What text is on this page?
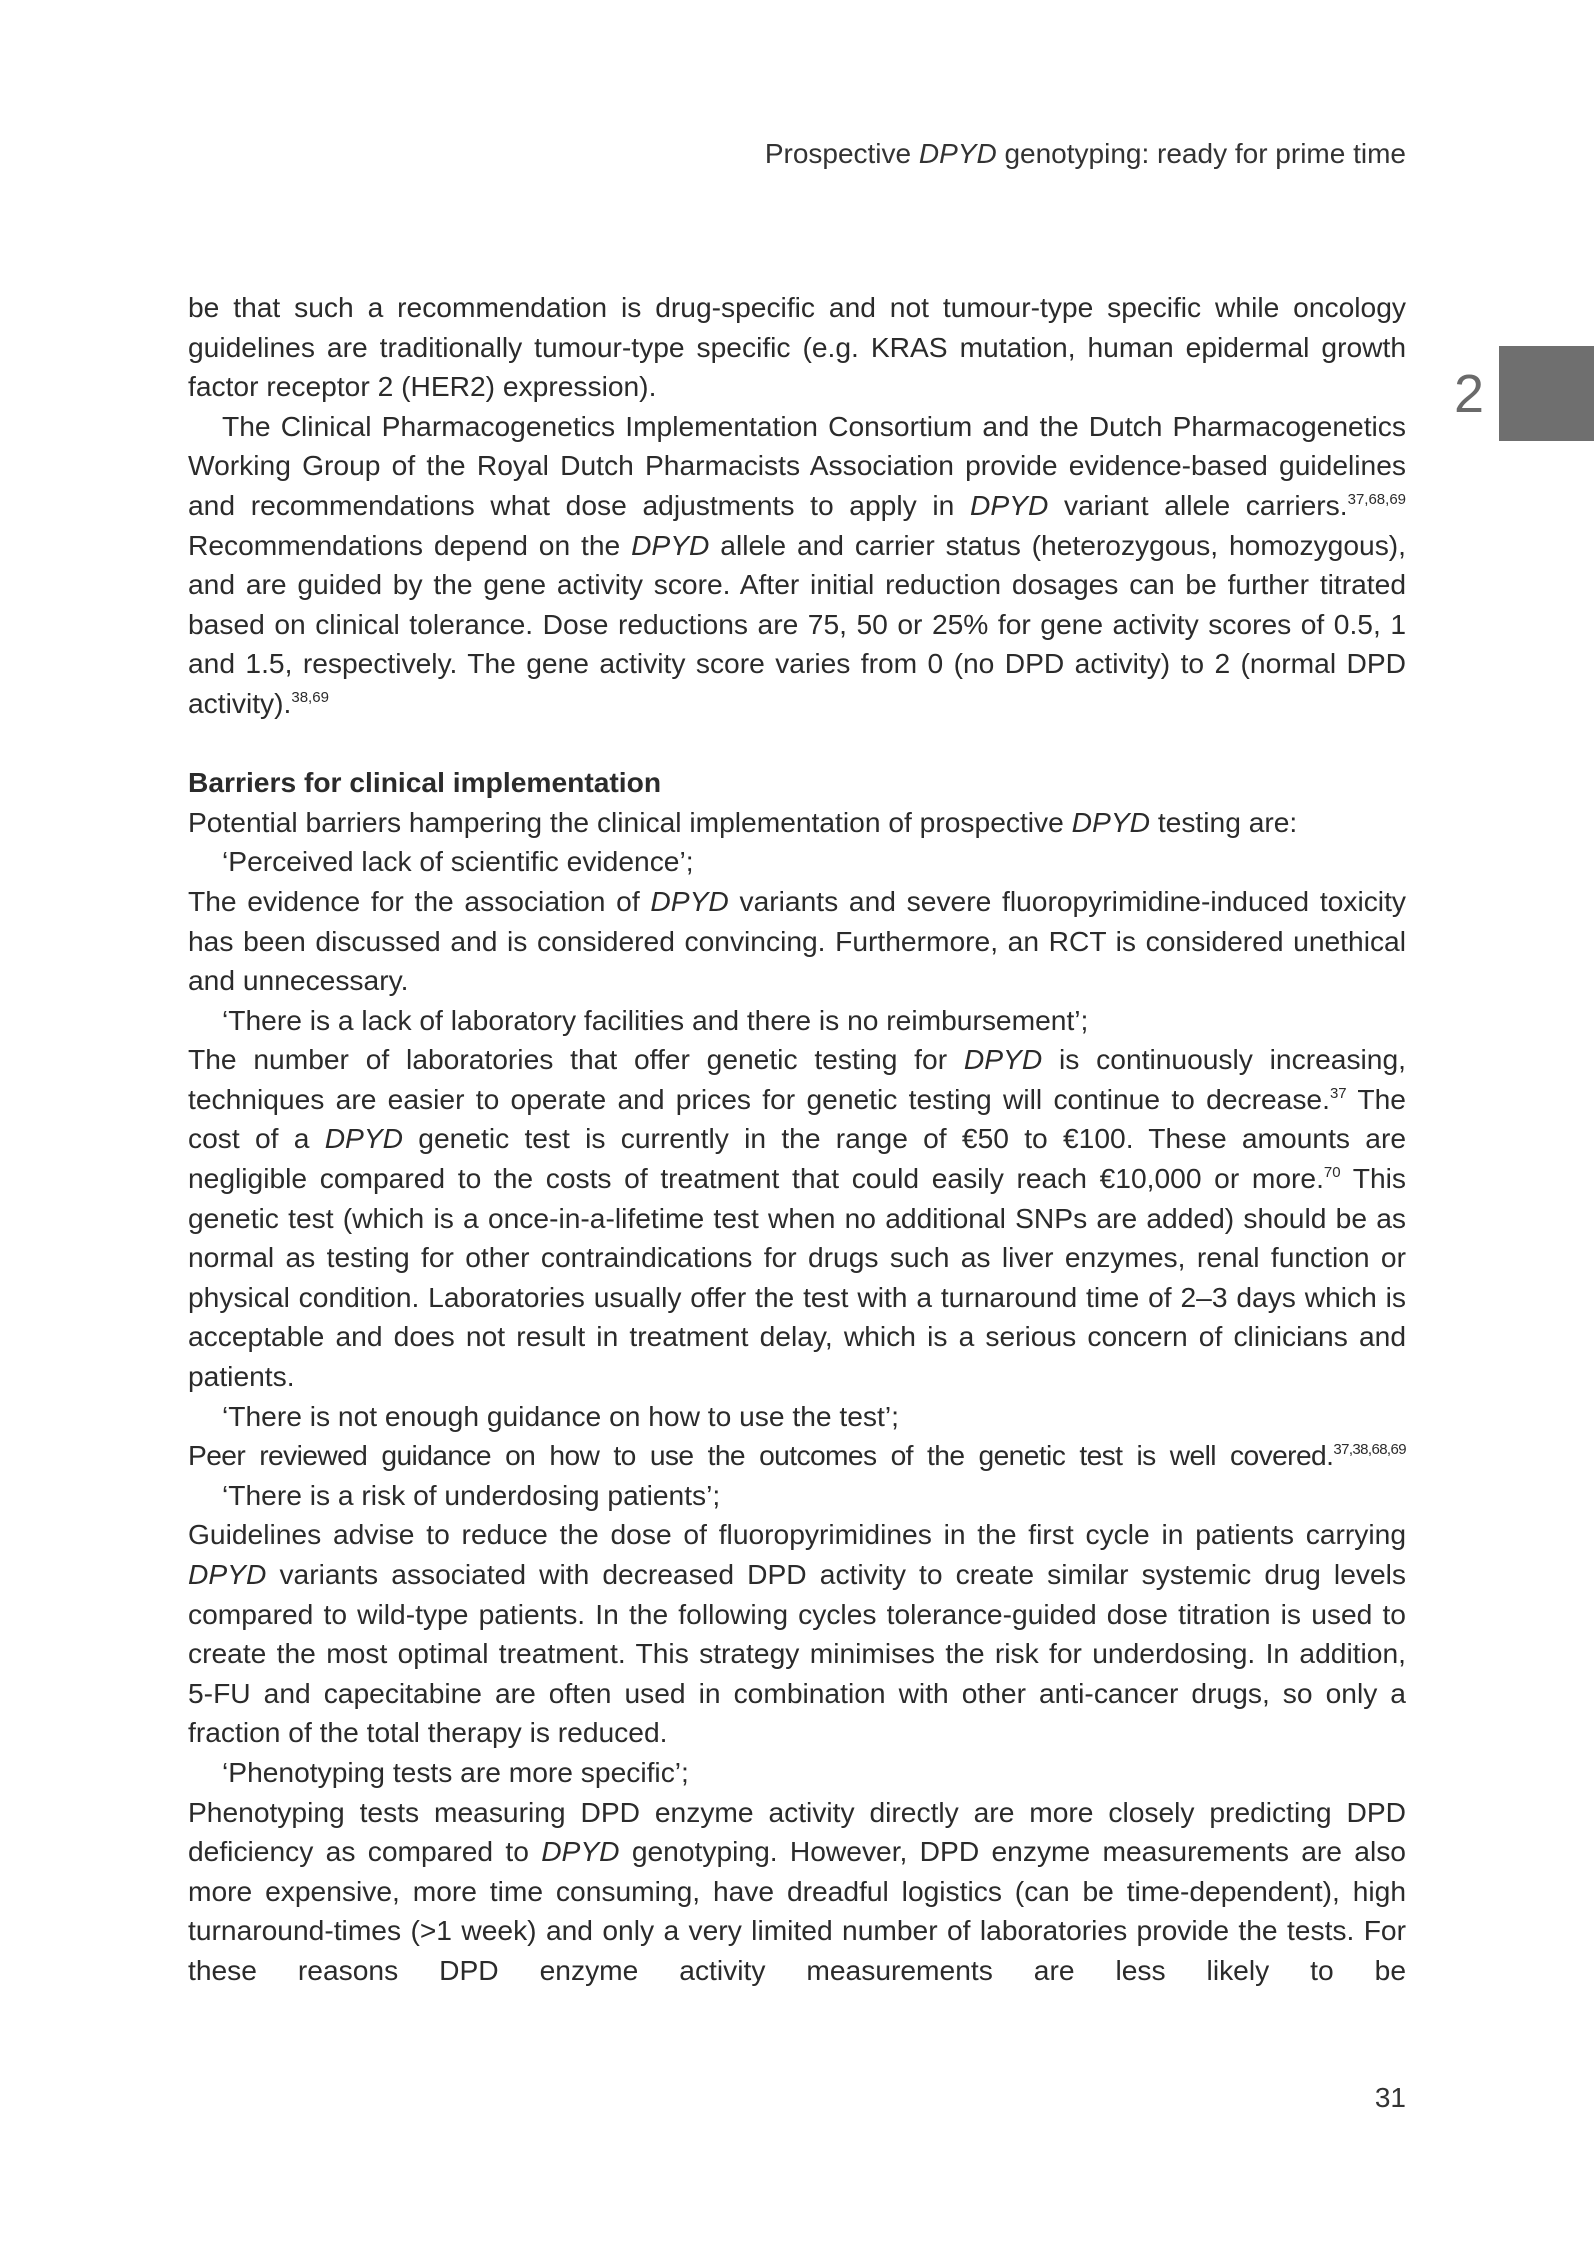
Prospective DPYD genotyping: ready for prime time
2

be that such a recommendation is drug-specific and not tumour-type specific while oncology guidelines are traditionally tumour-type specific (e.g. KRAS mutation, human epidermal growth factor receptor 2 (HER2) expression).

The Clinical Pharmacogenetics Implementation Consortium and the Dutch Pharmacogenetics Working Group of the Royal Dutch Pharmacists Association provide evidence-based guidelines and recommendations what dose adjustments to apply in DPYD variant allele carriers.$^{37,68,69}$ Recommendations depend on the DPYD allele and carrier status (heterozygous, homozygous), and are guided by the gene activity score. After initial reduction dosages can be further titrated based on clinical tolerance. Dose reductions are 75, 50 or 25% for gene activity scores of 0.5, 1 and 1.5, respectively. The gene activity score varies from 0 (no DPD activity) to 2 (normal DPD activity).$^{38,69}$

Barriers for clinical implementation

Potential barriers hampering the clinical implementation of prospective DPYD testing are:

‘Perceived lack of scientific evidence’;

The evidence for the association of DPYD variants and severe fluoropyrimidine-induced toxicity has been discussed and is considered convincing. Furthermore, an RCT is considered unethical and unnecessary.

‘There is a lack of laboratory facilities and there is no reimbursement’;

The number of laboratories that offer genetic testing for DPYD is continuously increasing, techniques are easier to operate and prices for genetic testing will continue to decrease.$^{37}$ The cost of a DPYD genetic test is currently in the range of €50 to €100. These amounts are negligible compared to the costs of treatment that could easily reach €10,000 or more.$^{70}$ This genetic test (which is a once-in-a-lifetime test when no additional SNPs are added) should be as normal as testing for other contraindications for drugs such as liver enzymes, renal function or physical condition. Laboratories usually offer the test with a turnaround time of 2–3 days which is acceptable and does not result in treatment delay, which is a serious concern of clinicians and patients.

‘There is not enough guidance on how to use the test’;

Peer reviewed guidance on how to use the outcomes of the genetic test is well covered.$^{37,38,68,69}$

‘There is a risk of underdosing patients’;

Guidelines advise to reduce the dose of fluoropyrimidines in the first cycle in patients carrying DPYD variants associated with decreased DPD activity to create similar systemic drug levels compared to wild-type patients. In the following cycles tolerance-guided dose titration is used to create the most optimal treatment. This strategy minimises the risk for underdosing. In addition, 5-FU and capecitabine are often used in combination with other anti-cancer drugs, so only a fraction of the total therapy is reduced.

‘Phenotyping tests are more specific’;

Phenotyping tests measuring DPD enzyme activity directly are more closely predicting DPD deficiency as compared to DPYD genotyping. However, DPD enzyme measurements are also more expensive, more time consuming, have dreadful logistics (can be time-dependent), high turnaround-times (>1 week) and only a very limited number of laboratories provide the tests. For these reasons DPD enzyme activity measurements are less likely to be

31
